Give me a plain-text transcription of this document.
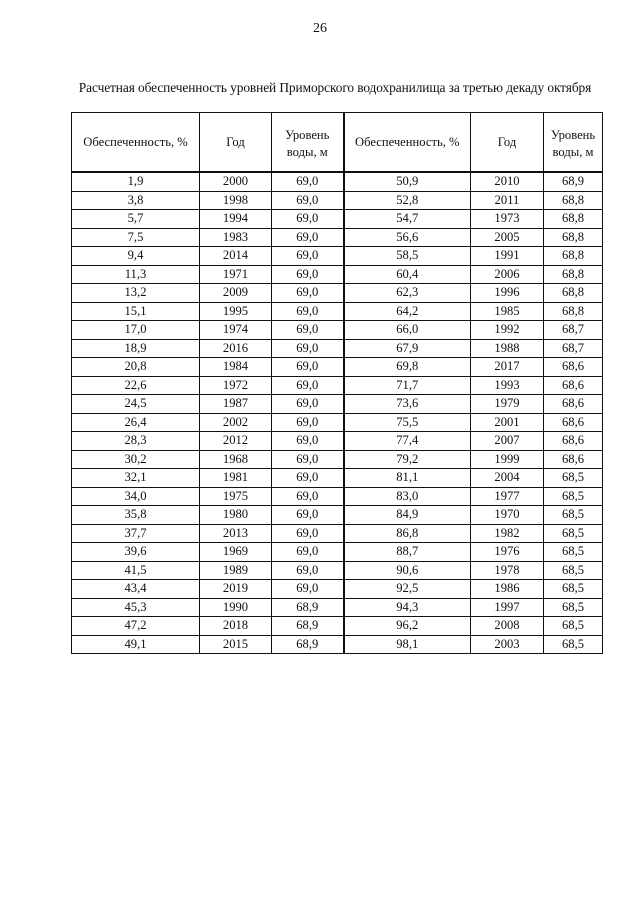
26
Расчетная обеспеченность уровней Приморского водохранилища за третью декаду октября
Обеспеченность, %	Год	Уровень воды, м	Обеспеченность, %	Год	Уровень воды, м
1,9	2000	69,0	50,9	2010	68,9
3,8	1998	69,0	52,8	2011	68,8
5,7	1994	69,0	54,7	1973	68,8
7,5	1983	69,0	56,6	2005	68,8
9,4	2014	69,0	58,5	1991	68,8
11,3	1971	69,0	60,4	2006	68,8
13,2	2009	69,0	62,3	1996	68,8
15,1	1995	69,0	64,2	1985	68,8
17,0	1974	69,0	66,0	1992	68,7
18,9	2016	69,0	67,9	1988	68,7
20,8	1984	69,0	69,8	2017	68,6
22,6	1972	69,0	71,7	1993	68,6
24,5	1987	69,0	73,6	1979	68,6
26,4	2002	69,0	75,5	2001	68,6
28,3	2012	69,0	77,4	2007	68,6
30,2	1968	69,0	79,2	1999	68,6
32,1	1981	69,0	81,1	2004	68,5
34,0	1975	69,0	83,0	1977	68,5
35,8	1980	69,0	84,9	1970	68,5
37,7	2013	69,0	86,8	1982	68,5
39,6	1969	69,0	88,7	1976	68,5
41,5	1989	69,0	90,6	1978	68,5
43,4	2019	69,0	92,5	1986	68,5
45,3	1990	68,9	94,3	1997	68,5
47,2	2018	68,9	96,2	2008	68,5
49,1	2015	68,9	98,1	2003	68,5
